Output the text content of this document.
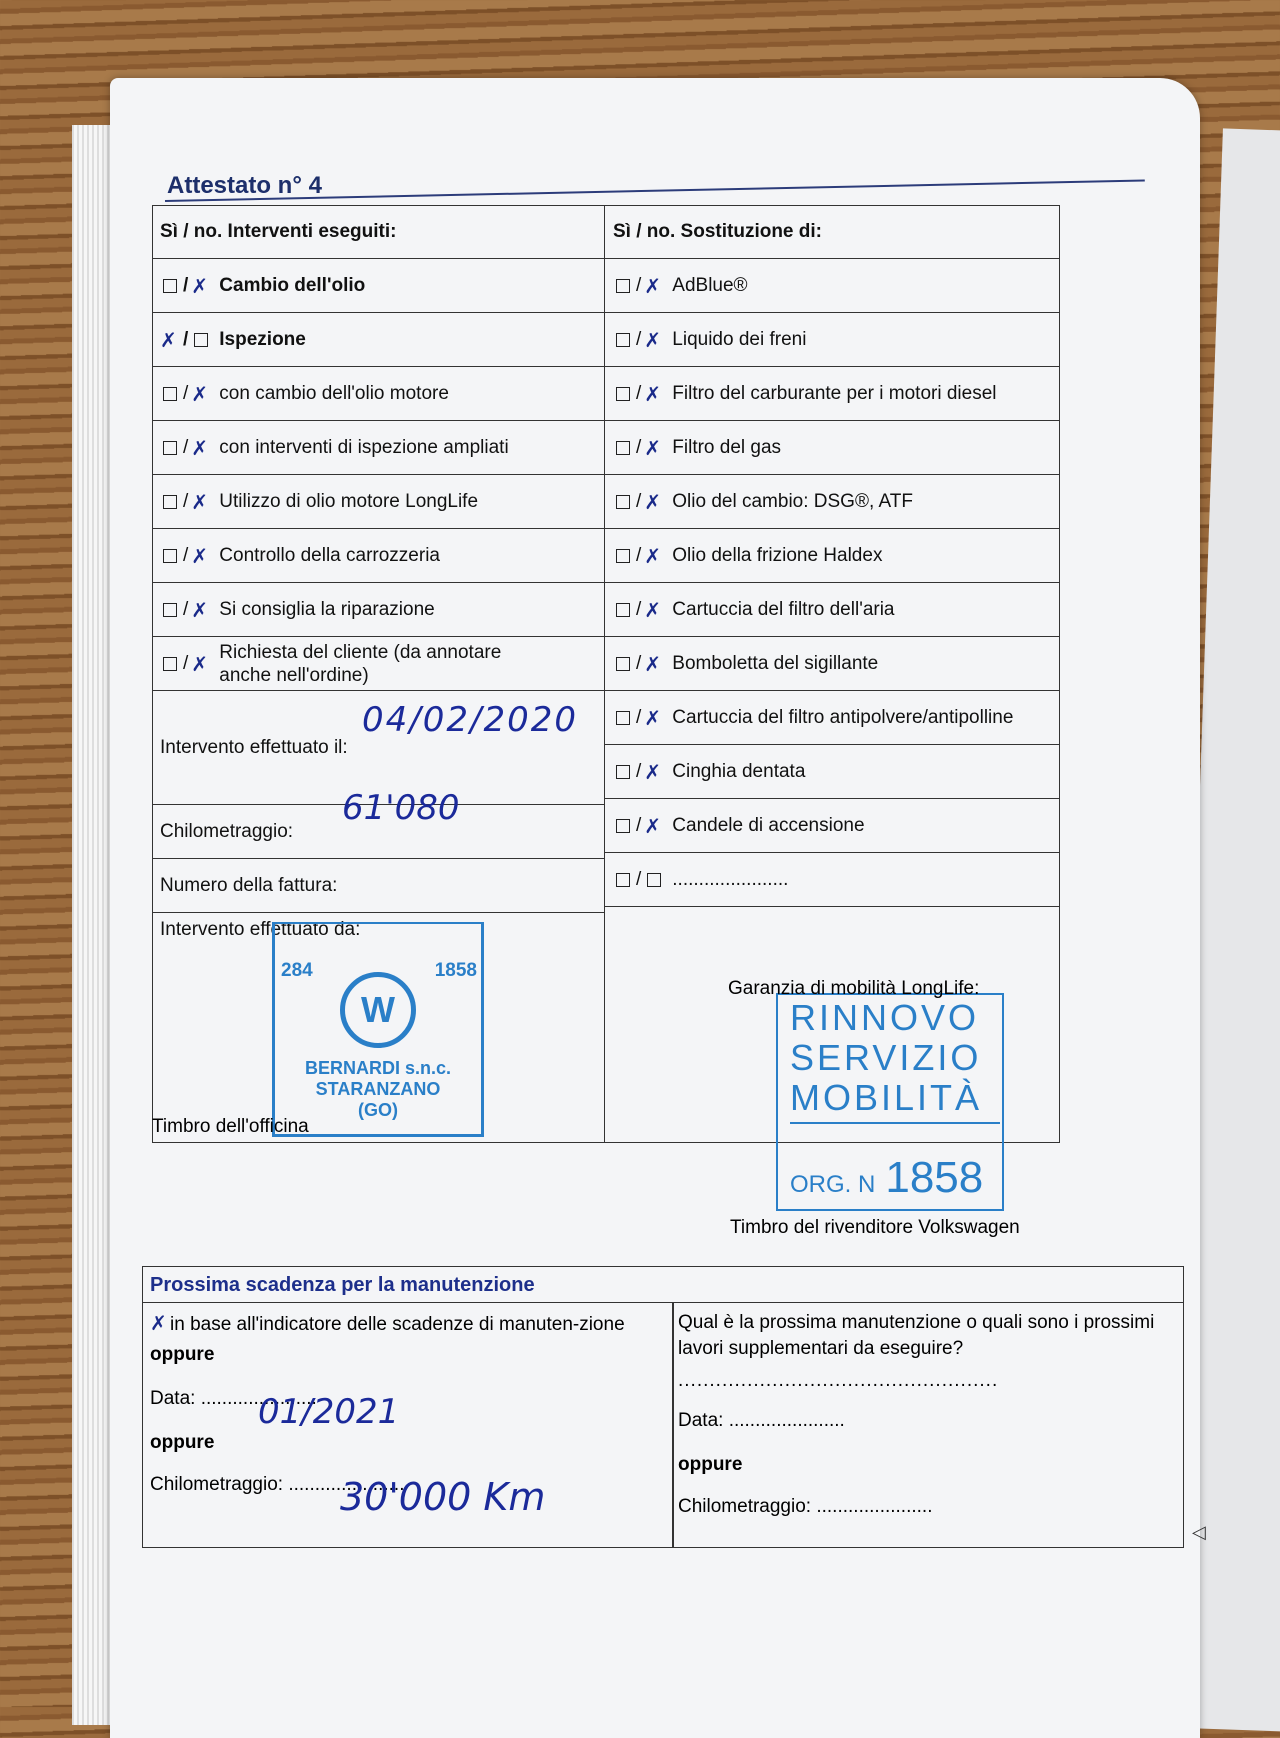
Attestato n° 4
Sì / no. Interventi eseguiti:
/ ✗ Cambio dell'olio
✗ / Ispezione
/ ✗ con cambio dell'olio motore
/ ✗ con interventi di ispezione ampliati
/ ✗ Utilizzo di olio motore LongLife
/ ✗ Controllo della carrozzeria
/ ✗ Si consiglia la riparazione
/ ✗ Richiesta del cliente (da annotare anche nell'ordine)
Intervento effettuato il:
Chilometraggio:
Numero della fattura:
Intervento effettuato da:
Sì / no. Sostituzione di:
/ ✗ AdBlue®
/ ✗ Liquido dei freni
/ ✗ Filtro del carburante per i motori diesel
/ ✗ Filtro del gas
/ ✗ Olio del cambio: DSG®, ATF
/ ✗ Olio della frizione Haldex
/ ✗ Cartuccia del filtro dell'aria
/ ✗ Bomboletta del sigillante
/ ✗ Cartuccia del filtro antipolvere/antipolline
/ ✗ Cinghia dentata
/ ✗ Candele di accensione
/ ......................
04/02/2020
61'080
284	1858
W
BERNARDI s.n.c.
STARANZANO
(GO)
Timbro dell'officina
RINNOVO
SERVIZIO
MOBILITÀ
ORG. N 1858
Garanzia di mobilità LongLife:
Timbro del rivenditore Volkswagen
Prossima scadenza per la manutenzione
✗ in base all'indicatore delle scadenze di manuten-zione
oppure
Data: ......................
oppure
Chilometraggio: ......................
01/2021
30'000 Km
Qual è la prossima manutenzione o quali sono i prossimi lavori supplementari da eseguire?
...................................................
Data: ......................
oppure
Chilometraggio: ......................
◁
